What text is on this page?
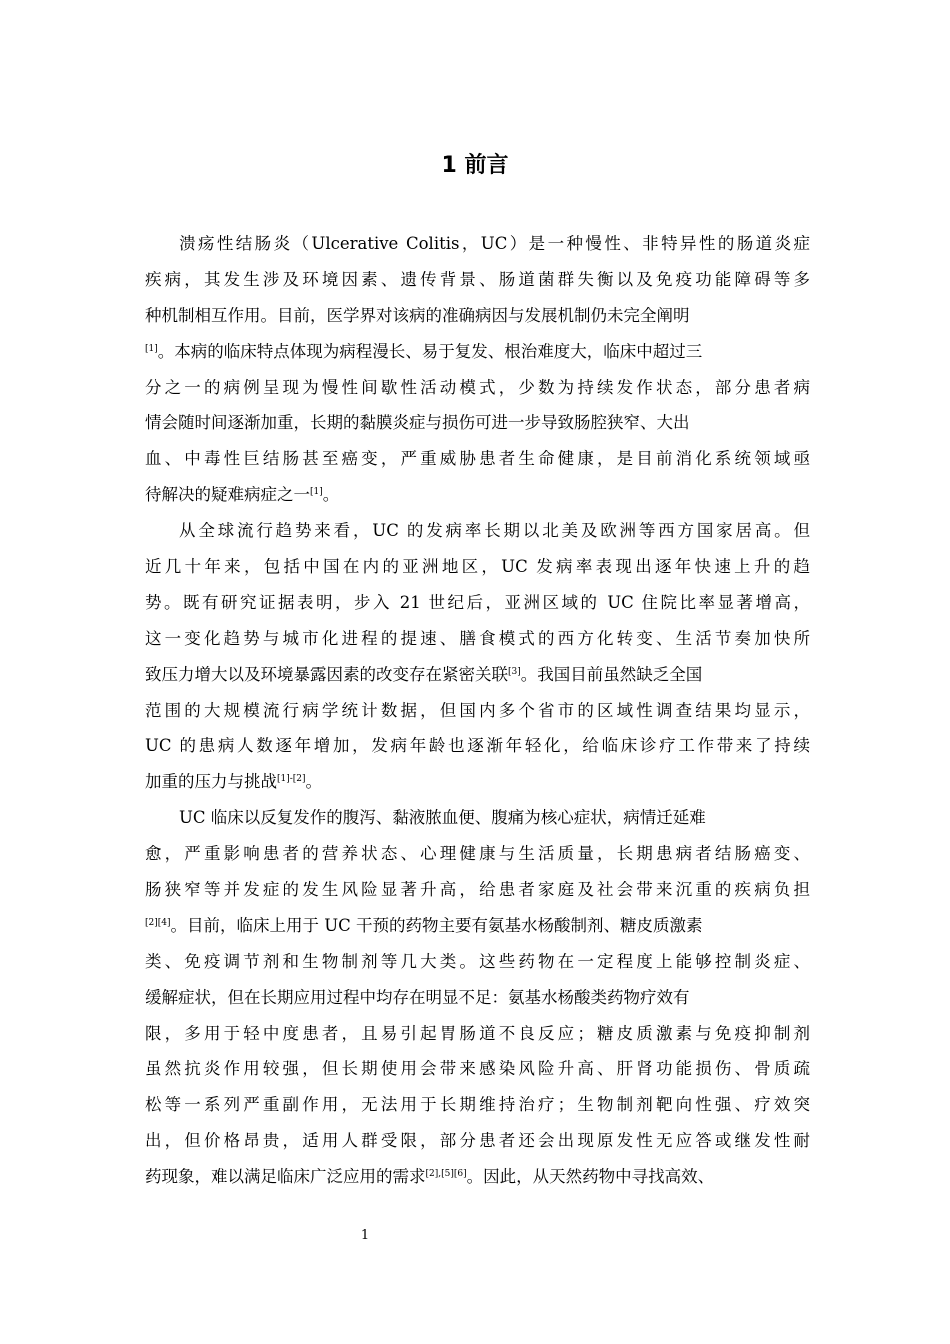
1 前言
溃疡性结肠炎（Ulcerative Colitis，UC）是一种慢性、非特异性的肠道炎症
疾病，其发生涉及环境因素、遗传背景、肠道菌群失衡以及免疫功能障碍等多
种机制相互作用。目前，医学界对该病的准确病因与发展机制仍未完全阐明
[1]。本病的临床特点体现为病程漫长、易于复发、根治难度大，临床中超过三
分之一的病例呈现为慢性间歇性活动模式，少数为持续发作状态，部分患者病
情会随时间逐渐加重，长期的黏膜炎症与损伤可进一步导致肠腔狭窄、大出
血、中毒性巨结肠甚至癌变，严重威胁患者生命健康，是目前消化系统领域亟
待解决的疑难病症之一[1]。
从全球流行趋势来看，UC 的发病率长期以北美及欧洲等西方国家居高。但
近几十年来，包括中国在内的亚洲地区，UC 发病率表现出逐年快速上升的趋
势。既有研究证据表明，步入 21 世纪后，亚洲区域的 UC 住院比率显著增高，
这一变化趋势与城市化进程的提速、膳食模式的西方化转变、生活节奏加快所
致压力增大以及环境暴露因素的改变存在紧密关联[3]。我国目前虽然缺乏全国
范围的大规模流行病学统计数据，但国内多个省市的区域性调查结果均显示，
UC 的患病人数逐年增加，发病年龄也逐渐年轻化，给临床诊疗工作带来了持续
加重的压力与挑战[1]-[2]。
UC 临床以反复发作的腹泻、黏液脓血便、腹痛为核心症状，病情迁延难
愈，严重影响患者的营养状态、心理健康与生活质量，长期患病者结肠癌变、
肠狭窄等并发症的发生风险显著升高，给患者家庭及社会带来沉重的疾病负担
[2][4]。目前，临床上用于 UC 干预的药物主要有氨基水杨酸制剂、糖皮质激素
类、免疫调节剂和生物制剂等几大类。这些药物在一定程度上能够控制炎症、
缓解症状，但在长期应用过程中均存在明显不足：氨基水杨酸类药物疗效有
限，多用于轻中度患者，且易引起胃肠道不良反应；糖皮质激素与免疫抑制剂
虽然抗炎作用较强，但长期使用会带来感染风险升高、肝肾功能损伤、骨质疏
松等一系列严重副作用，无法用于长期维持治疗；生物制剂靶向性强、疗效突
出，但价格昂贵，适用人群受限，部分患者还会出现原发性无应答或继发性耐
药现象，难以满足临床广泛应用的需求[2],[5][6]。因此，从天然药物中寻找高效、
1
